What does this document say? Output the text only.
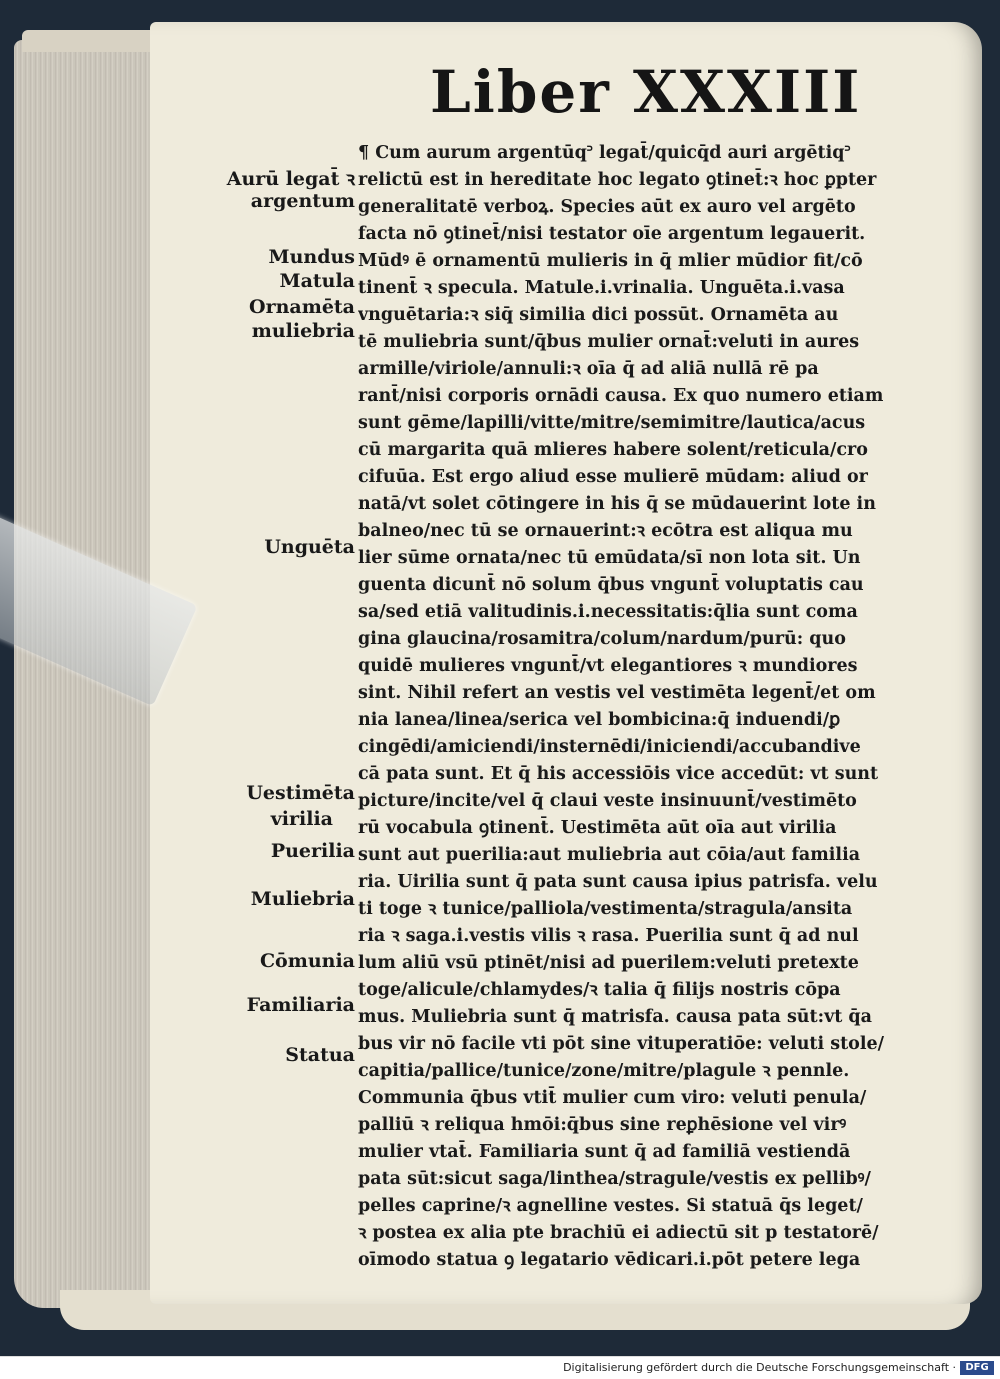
Liber XXXIII
Aurū legat̄ ꝛ
argentum
Mundus
Matula
Ornamēta
muliebria
Unguēta
Uestimēta
virilia
Puerilia
Muliebria
Cōmunia
Familiaria
Statua
¶ Cum aurum argentūq꜄ legat̄/quicq̄d auri argētiq꜄
relictū est in hereditate hoc legato ꝯtinet̄:ꝛ hoc ꝑpter
generalitatē verboꝝ. Species aūt ex auro vel argēto
facta nō ꝯtinet̄/nisi testator oīe argentum legauerit.
Mūdꝰ ē ornamentū mulieris in q̄ mlier mūdior fit/cō
tinent̄ ꝛ specula. Matule.i.vrinalia. Unguēta.i.vasa
vnguētaria:ꝛ siq̄ similia dici possūt. Ornamēta au
tē muliebria sunt/q̄bus mulier ornat̄:veluti in aures
armille/viriole/annuli:ꝛ oīa q̄ ad aliā nullā rē pa
rant̄/nisi corporis ornādi causa. Ex quo numero etiam
sunt gēme/lapilli/vitte/mitre/semimitre/lautica/acus
cū margarita quā mlieres habere solent/reticula/cro
cifuūa. Est ergo aliud esse mulierē mūdam: aliud or
natā/vt solet cōtingere in his q̄ se mūdauerint lote in
balneo/nec tū se ornauerint:ꝛ ecōtra est aliqua mu
lier sūme ornata/nec tū emūdata/sī non lota sit. Un
guenta dicunt̄ nō solum q̄bus vngunt̄ voluptatis cau
sa/sed etiā valitudinis.i.necessitatis:q̄lia sunt coma
gina glaucina/rosamitra/colum/nardum/purū: quo
quidē mulieres vngunt̄/vt elegantiores ꝛ mundiores
sint. Nihil refert an vestis vel vestimēta legent̄/et om
nia lanea/linea/serica vel bombicina:q̄ induendi/ꝑ
cingēdi/amiciendi/insternēdi/iniciendi/accubandive
cā pata sunt. Et q̄ his accessiōis vice accedūt: vt sunt
picture/incite/vel q̄ claui veste insinuunt̄/vestimēto
rū vocabula ꝯtinent̄. Uestimēta aūt oīa aut virilia
sunt aut puerilia:aut muliebria aut cōia/aut familia
ria. Uirilia sunt q̄ pata sunt causa ipius patrisfa. velu
ti toge ꝛ tunice/palliola/vestimenta/stragula/ansita
ria ꝛ saga.i.vestis vilis ꝛ rasa. Puerilia sunt q̄ ad nul
lum aliū vsū ptinēt/nisi ad puerilem:veluti pretexte
toge/alicule/chlamydes/ꝛ talia q̄ filijs nostris cōpa
mus. Muliebria sunt q̄ matrisfa. causa pata sūt:vt q̄a
bus vir nō facile vti pōt sine vituperatiōe: veluti stole/
capitia/pallice/tunice/zone/mitre/plagule ꝛ pennle.
Communia q̄bus vtit̄ mulier cum viro: veluti penula/
palliū ꝛ reliqua hmōi:q̄bus sine reꝑhēsione vel virꝰ
mulier vtat̄. Familiaria sunt q̄ ad familiā vestiendā
pata sūt:sicut saga/linthea/stragule/vestis ex pellibꝰ/
pelles caprine/ꝛ agnelline vestes. Si statuā q̄s leget/
ꝛ postea ex alia pte brachiū ei adiectū sit p testatorē/
oīmodo statua ꝯ legatario vēdicari.i.pōt petere lega
Digitalisierung gefördert durch die Deutsche Forschungsgemeinschaft · DFG
